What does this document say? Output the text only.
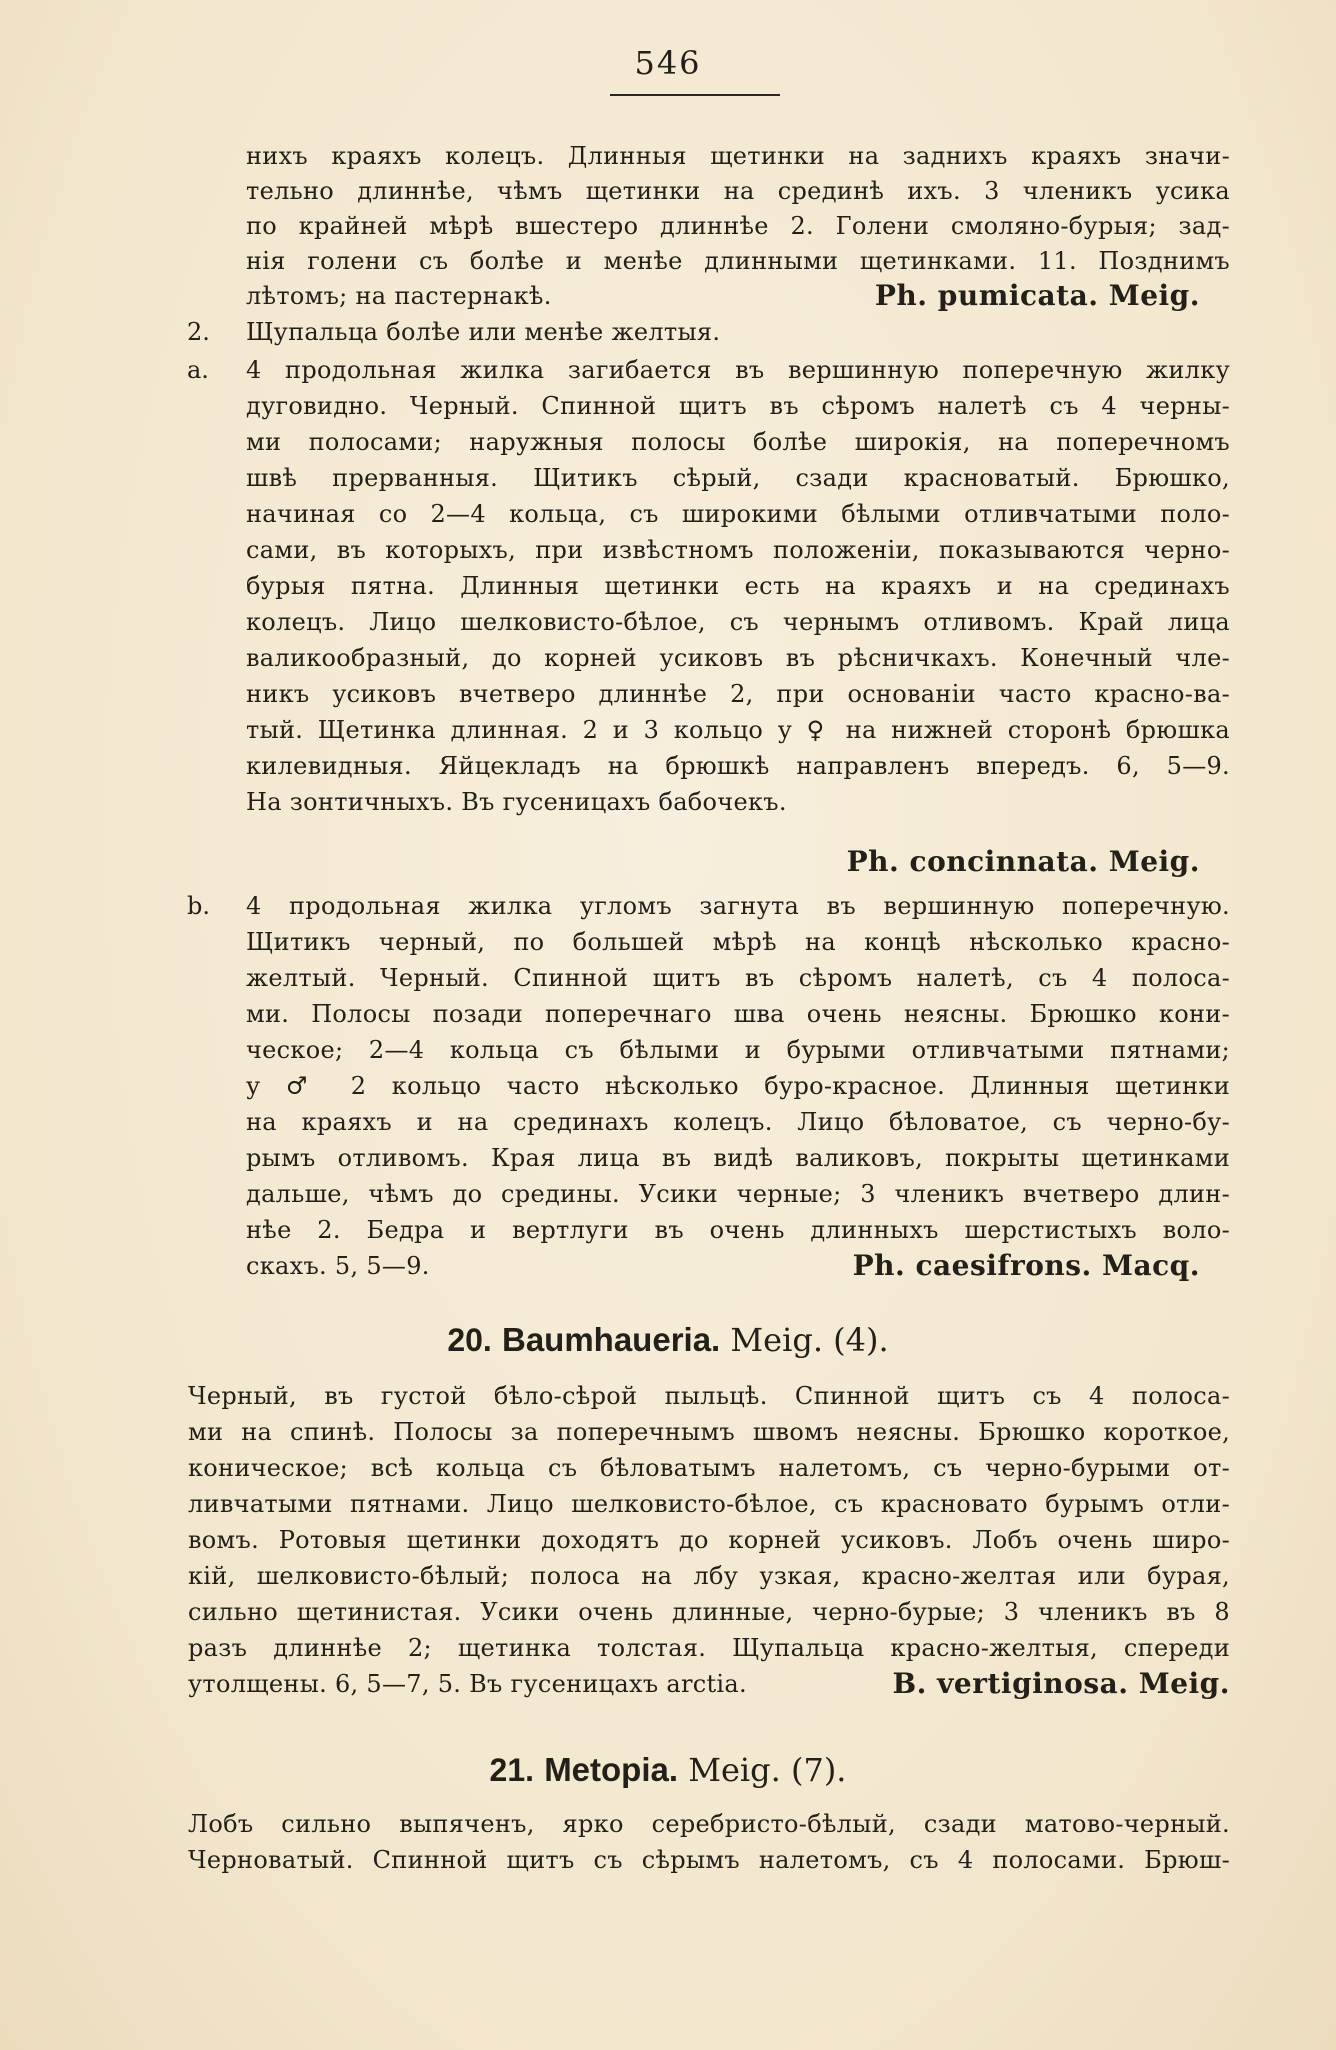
546
нихъ краяхъ колецъ. Длинныя щетинки на заднихъ краяхъ значи-
тельно длиннѣе, чѣмъ щетинки на срединѣ ихъ. 3 членикъ усика
по крайней мѣрѣ вшестеро длиннѣе 2. Голени смоляно-бурыя; зад-
нія голени съ болѣе и менѣе длинными щетинками. 11. Позднимъ
лѣтомъ; на пастернакѣ.	Ph. pumicata. Meig.
2.	Щупальца болѣе или менѣе желтыя.
a.	4 продольная жилка загибается въ вершинную поперечную жилку
дуговидно. Черный. Спинной щитъ въ сѣромъ налетѣ съ 4 черны-
ми полосами; наружныя полосы болѣе широкія, на поперечномъ
швѣ прерванныя. Щитикъ сѣрый, сзади красноватый. Брюшко,
начиная со 2—4 кольца, съ широкими бѣлыми отливчатыми поло-
сами, въ которыхъ, при извѣстномъ положеніи, показываются черно-
бурыя пятна. Длинныя щетинки есть на краяхъ и на срединахъ
колецъ. Лицо шелковисто-бѣлое, съ чернымъ отливомъ. Край лица
валикообразный, до корней усиковъ въ рѣсничкахъ. Конечный чле-
никъ усиковъ вчетверо длиннѣе 2, при основаніи часто красно-ва-
тый. Щетинка длинная. 2 и 3 кольцо у ♀ на нижней сторонѣ брюшка
килевидныя. Яйцекладъ на брюшкѣ направленъ впередъ. 6, 5—9.
На зонтичныхъ. Въ гусеницахъ бабочекъ.
Ph. concinnata. Meig.
b.	4 продольная жилка угломъ загнута въ вершинную поперечную.
Щитикъ черный, по большей мѣрѣ на концѣ нѣсколько красно-
желтый. Черный. Спинной щитъ въ сѣромъ налетѣ, съ 4 полоса-
ми. Полосы позади поперечнаго шва очень неясны. Брюшко кони-
ческое; 2—4 кольца съ бѣлыми и бурыми отливчатыми пятнами;
у ♂ 2 кольцо часто нѣсколько буро-красное. Длинныя щетинки
на краяхъ и на срединахъ колецъ. Лицо бѣловатое, съ черно-бу-
рымъ отливомъ. Края лица въ видѣ валиковъ, покрыты щетинками
дальше, чѣмъ до средины. Усики черные; 3 членикъ вчетверо длин-
нѣе 2. Бедра и вертлуги въ очень длинныхъ шерстистыхъ воло-
скахъ. 5, 5—9.	Ph. caesifrons. Macq.
20. Baumhaueria. Meig. (4).
Черный, въ густой бѣло-сѣрой пыльцѣ. Спинной щитъ съ 4 полоса-
ми на спинѣ. Полосы за поперечнымъ швомъ неясны. Брюшко короткое,
коническое; всѣ кольца съ бѣловатымъ налетомъ, съ черно-бурыми от-
ливчатыми пятнами. Лицо шелковисто-бѣлое, съ красновато бурымъ отли-
вомъ. Ротовыя щетинки доходятъ до корней усиковъ. Лобъ очень широ-
кій, шелковисто-бѣлый; полоса на лбу узкая, красно-желтая или бурая,
сильно щетинистая. Усики очень длинные, черно-бурые; 3 членикъ въ 8
разъ длиннѣе 2; щетинка толстая. Щупальца красно-желтыя, спереди
утолщены. 6, 5—7, 5. Въ гусеницахъ arctia.	B. vertiginosa. Meig.
21. Metopia. Meig. (7).
Лобъ сильно выпяченъ, ярко серебристо-бѣлый, сзади матово-черный.
Черноватый. Спинной щитъ съ сѣрымъ налетомъ, съ 4 полосами. Брюш-
